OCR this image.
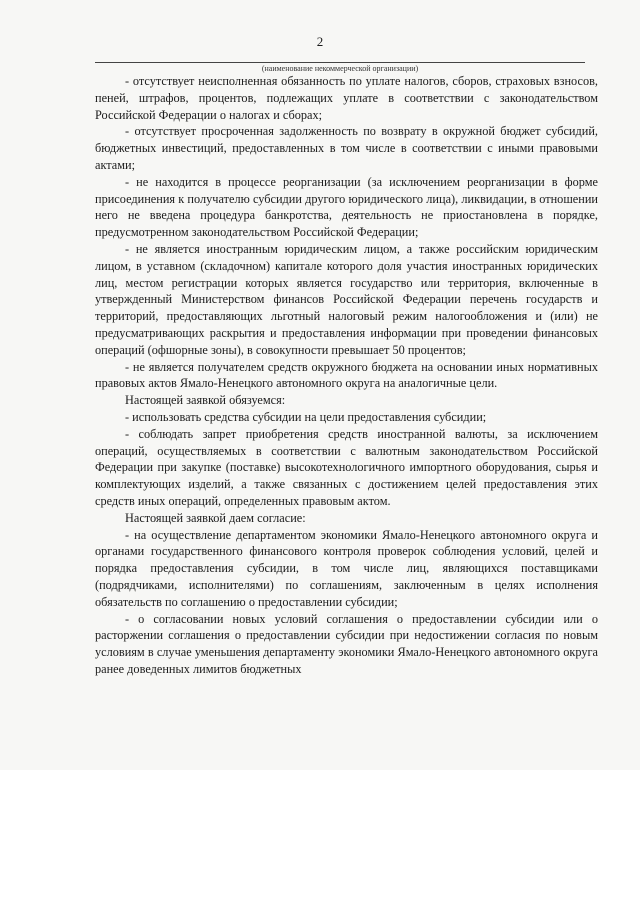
2
(наименование некоммерческой организации)

- отсутствует неисполненная обязанность по уплате налогов, сборов, страховых взносов, пеней, штрафов, процентов, подлежащих уплате в соответствии с законодательством Российской Федерации о налогах и сборах;

- отсутствует просроченная задолженность по возврату в окружной бюджет субсидий, бюджетных инвестиций, предоставленных в том числе в соответствии с иными правовыми актами;

- не находится в процессе реорганизации (за исключением реорганизации в форме присоединения к получателю субсидии другого юридического лица), ликвидации, в отношении него не введена процедура банкротства, деятельность не приостановлена в порядке, предусмотренном законодательством Российской Федерации;

- не является иностранным юридическим лицом, а также российским юридическим лицом, в уставном (складочном) капитале которого доля участия иностранных юридических лиц, местом регистрации которых является государство или территория, включенные в утвержденный Министерством финансов Российской Федерации перечень государств и территорий, предоставляющих льготный налоговый режим налогообложения и (или) не предусматривающих раскрытия и предоставления информации при проведении финансовых операций (офшорные зоны), в совокупности превышает 50 процентов;

- не является получателем средств окружного бюджета на основании иных нормативных правовых актов Ямало-Ненецкого автономного округа на аналогичные цели.

Настоящей заявкой обязуемся:

- использовать средства субсидии на цели предоставления субсидии;

- соблюдать запрет приобретения средств иностранной валюты, за исключением операций, осуществляемых в соответствии с валютным законодательством Российской Федерации при закупке (поставке) высокотехнологичного импортного оборудования, сырья и комплектующих изделий, а также связанных с достижением целей предоставления этих средств иных операций, определенных правовым актом.

Настоящей заявкой даем согласие:

- на осуществление департаментом экономики Ямало-Ненецкого автономного округа и органами государственного финансового контроля проверок соблюдения условий, целей и порядка предоставления субсидии, в том числе лиц, являющихся поставщиками (подрядчиками, исполнителями) по соглашениям, заключенным в целях исполнения обязательств по соглашению о предоставлении субсидии;

- о согласовании новых условий соглашения о предоставлении субсидии или о расторжении соглашения о предоставлении субсидии при недостижении согласия по новым условиям в случае уменьшения департаменту экономики Ямало-Ненецкого автономного округа ранее доведенных лимитов бюджетных
